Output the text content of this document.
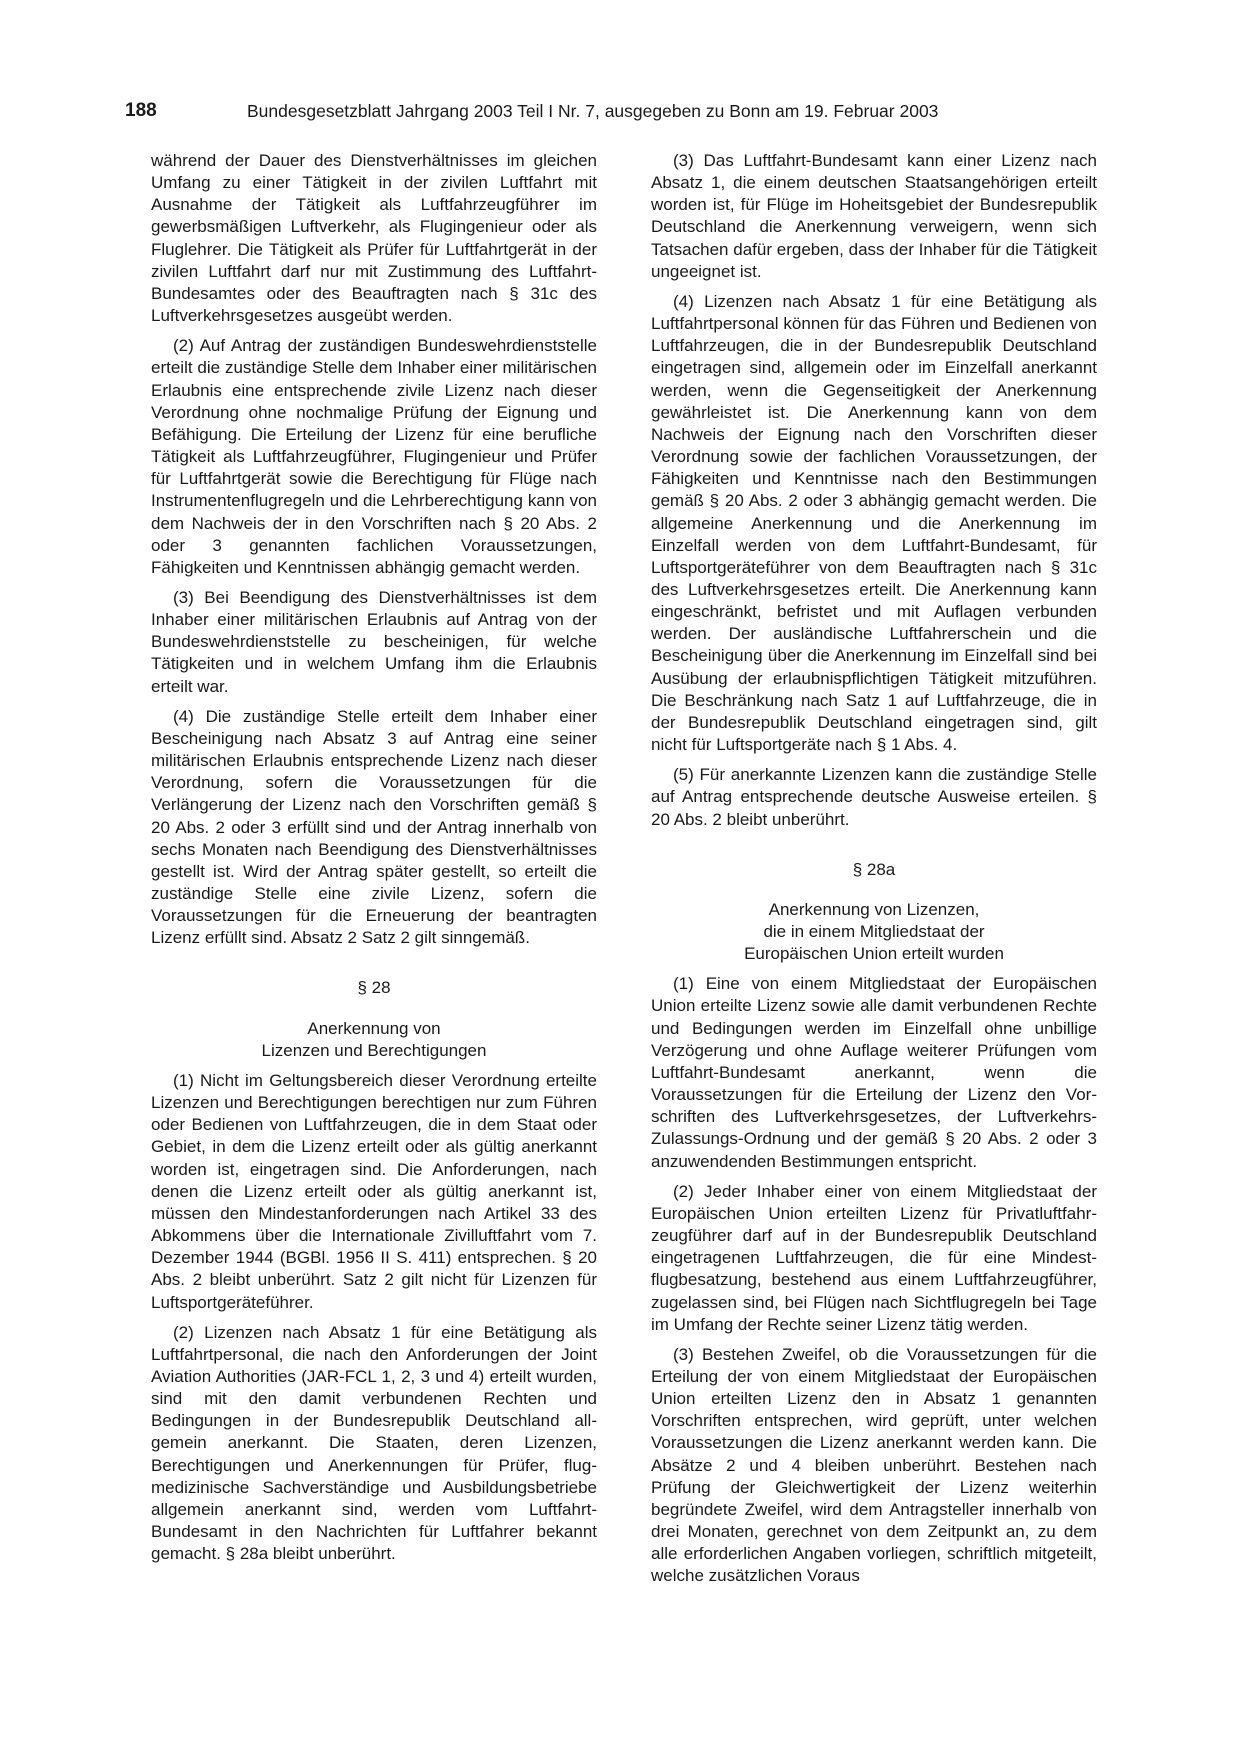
188	Bundesgesetzblatt Jahrgang 2003 Teil I Nr. 7, ausgegeben zu Bonn am 19. Februar 2003

während der Dauer des Dienstverhältnisses im gleichen Umfang zu einer Tätigkeit in der zivilen Luftfahrt mit Ausnahme der Tätigkeit als Luftfahrzeugführer im gewerbsmäßigen Luftverkehr, als Flugingenieur oder als Fluglehrer. Die Tätigkeit als Prüfer für Luftfahrtgerät in der zivilen Luftfahrt darf nur mit Zustimmung des Luftfahrt-Bundesamtes oder des Beauftragten nach § 31c des Luftverkehrsgesetzes ausgeübt werden.

(2) Auf Antrag der zuständigen Bundeswehrdienststelle erteilt die zuständige Stelle dem Inhaber einer militärischen Erlaubnis eine entsprechende zivile Lizenz nach dieser Verordnung ohne nochmalige Prüfung der Eignung und Befähigung. Die Erteilung der Lizenz für eine berufliche Tätigkeit als Luftfahrzeugführer, Flugingenieur und Prüfer für Luftfahrtgerät sowie die Berechtigung für Flüge nach Instrumentenflugregeln und die Lehrberechtigung kann von dem Nachweis der in den Vorschriften nach § 20 Abs. 2 oder 3 genannten fachlichen Voraussetzungen, Fähigkeiten und Kenntnissen abhängig gemacht werden.

(3) Bei Beendigung des Dienstverhältnisses ist dem Inhaber einer militärischen Erlaubnis auf Antrag von der Bundeswehrdienststelle zu bescheinigen, für welche Tätigkeiten und in welchem Umfang ihm die Erlaubnis erteilt war.

(4) Die zuständige Stelle erteilt dem Inhaber einer Bescheinigung nach Absatz 3 auf Antrag eine seiner militärischen Erlaubnis entsprechende Lizenz nach dieser Verordnung, sofern die Voraussetzungen für die Verlängerung der Lizenz nach den Vorschriften gemäß § 20 Abs. 2 oder 3 erfüllt sind und der Antrag innerhalb von sechs Monaten nach Beendigung des Dienstverhältnisses gestellt ist. Wird der Antrag später gestellt, so erteilt die zuständige Stelle eine zivile Lizenz, sofern die Voraussetzungen für die Erneuerung der beantragten Lizenz erfüllt sind. Absatz 2 Satz 2 gilt sinngemäß.

§ 28
Anerkennung von
Lizenzen und Berechtigungen

(1) Nicht im Geltungsbereich dieser Verordnung erteilte Lizenzen und Berechtigungen berechtigen nur zum Führen oder Bedienen von Luftfahrzeugen, die in dem Staat oder Gebiet, in dem die Lizenz erteilt oder als gültig anerkannt worden ist, eingetragen sind. Die Anforderungen, nach denen die Lizenz erteilt oder als gültig anerkannt ist, müssen den Mindestanforderungen nach Artikel 33 des Abkommens über die Internationale Zivilluftfahrt vom 7. Dezember 1944 (BGBl. 1956 II S. 411) entsprechen. § 20 Abs. 2 bleibt unberührt. Satz 2 gilt nicht für Lizenzen für Luftsportgeräteführer.

(2) Lizenzen nach Absatz 1 für eine Betätigung als Luftfahrtpersonal, die nach den Anforderungen der Joint Aviation Authorities (JAR-FCL 1, 2, 3 und 4) erteilt wurden, sind mit den damit verbundenen Rechten und Bedingungen in der Bundesrepublik Deutschland allgemein anerkannt. Die Staaten, deren Lizenzen, Berechtigungen und Anerkennungen für Prüfer, flugmedizinische Sachverständige und Ausbildungsbetriebe allgemein anerkannt sind, werden vom Luftfahrt-Bundesamt in den Nachrichten für Luftfahrer bekannt gemacht. § 28a bleibt unberührt.

(3) Das Luftfahrt-Bundesamt kann einer Lizenz nach Absatz 1, die einem deutschen Staatsangehörigen erteilt worden ist, für Flüge im Hoheitsgebiet der Bundesrepublik Deutschland die Anerkennung verweigern, wenn sich Tatsachen dafür ergeben, dass der Inhaber für die Tätigkeit ungeeignet ist.

(4) Lizenzen nach Absatz 1 für eine Betätigung als Luftfahrtpersonal können für das Führen und Bedienen von Luftfahrzeugen, die in der Bundesrepublik Deutschland eingetragen sind, allgemein oder im Einzelfall anerkannt werden, wenn die Gegenseitigkeit der Anerkennung gewährleistet ist. Die Anerkennung kann von dem Nachweis der Eignung nach den Vorschriften dieser Verordnung sowie der fachlichen Voraussetzungen, der Fähigkeiten und Kenntnisse nach den Bestimmungen gemäß § 20 Abs. 2 oder 3 abhängig gemacht werden. Die allgemeine Anerkennung und die Anerkennung im Einzelfall werden von dem Luftfahrt-Bundesamt, für Luftsportgeräteführer von dem Beauftragten nach § 31c des Luftverkehrsgesetzes erteilt. Die Anerkennung kann eingeschränkt, befristet und mit Auflagen verbunden werden. Der ausländische Luftfahrerschein und die Bescheinigung über die Anerkennung im Einzelfall sind bei Ausübung der erlaubnispflichtigen Tätigkeit mitzuführen. Die Beschränkung nach Satz 1 auf Luftfahrzeuge, die in der Bundesrepublik Deutschland eingetragen sind, gilt nicht für Luftsportgeräte nach § 1 Abs. 4.

(5) Für anerkannte Lizenzen kann die zuständige Stelle auf Antrag entsprechende deutsche Ausweise erteilen. § 20 Abs. 2 bleibt unberührt.

§ 28a
Anerkennung von Lizenzen,
die in einem Mitgliedstaat der
Europäischen Union erteilt wurden

(1) Eine von einem Mitgliedstaat der Europäischen Union erteilte Lizenz sowie alle damit verbundenen Rechte und Bedingungen werden im Einzelfall ohne unbillige Verzögerung und ohne Auflage weiterer Prüfungen vom Luftfahrt-Bundesamt anerkannt, wenn die Voraussetzungen für die Erteilung der Lizenz den Vorschriften des Luftverkehrsgesetzes, der Luftverkehrs-Zulassungs-Ordnung und der gemäß § 20 Abs. 2 oder 3 anzuwendenden Bestimmungen entspricht.

(2) Jeder Inhaber einer von einem Mitgliedstaat der Europäischen Union erteilten Lizenz für Privatluftfahrzeugführer darf auf in der Bundesrepublik Deutschland eingetragenen Luftfahrzeugen, die für eine Mindestflugbesatzung, bestehend aus einem Luftfahrzeugführer, zugelassen sind, bei Flügen nach Sichtflugregeln bei Tage im Umfang der Rechte seiner Lizenz tätig werden.

(3) Bestehen Zweifel, ob die Voraussetzungen für die Erteilung der von einem Mitgliedstaat der Europäischen Union erteilten Lizenz den in Absatz 1 genannten Vorschriften entsprechen, wird geprüft, unter welchen Voraussetzungen die Lizenz anerkannt werden kann. Die Absätze 2 und 4 bleiben unberührt. Bestehen nach Prüfung der Gleichwertigkeit der Lizenz weiterhin begründete Zweifel, wird dem Antragsteller innerhalb von drei Monaten, gerechnet von dem Zeitpunkt an, zu dem alle erforderlichen Angaben vorliegen, schriftlich mitgeteilt, welche zusätzlichen Voraus
